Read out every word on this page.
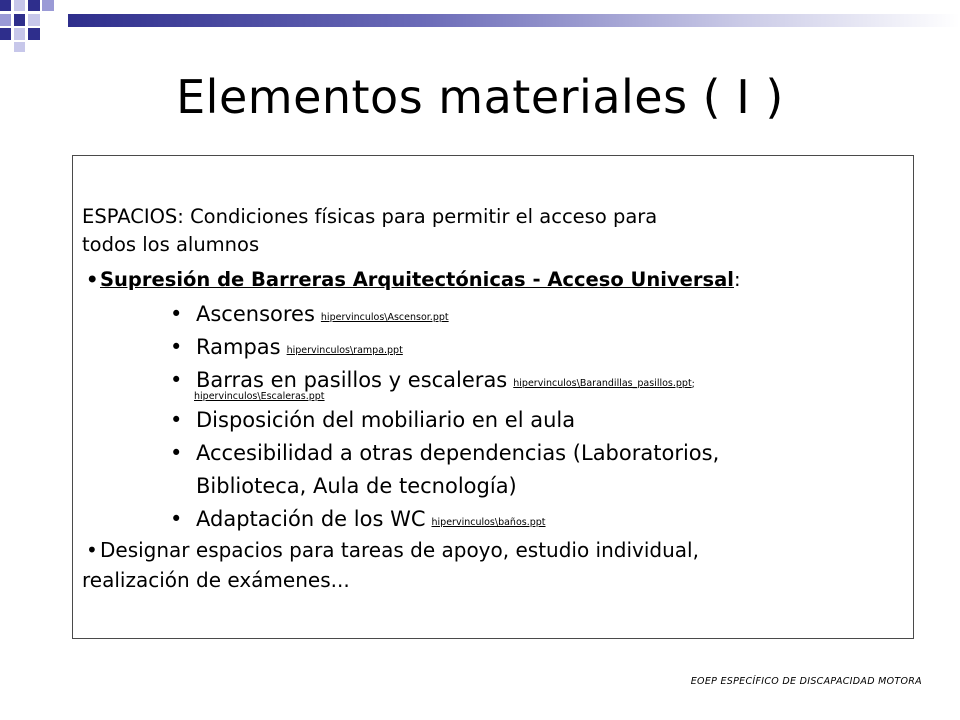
Elementos materiales ( I )
ESPACIOS: Condiciones físicas para permitir el acceso para
todos los alumnos
•Supresión de Barreras Arquitectónicas - Acceso Universal:
• Ascensores hipervinculos\Ascensor.ppt
• Rampas hipervinculos\rampa.ppt
• Barras en pasillos y escaleras hipervinculos\Barandillas_pasillos.ppt;
hipervinculos\Escaleras.ppt
• Disposición del mobiliario en el aula
• Accesibilidad a otras dependencias (Laboratorios,
Biblioteca, Aula de tecnología)
• Adaptación de los WC hipervinculos\baños.ppt
• Designar espacios para tareas de apoyo, estudio individual,
realización de exámenes...
EOEP ESPECÍFICO DE DISCAPACIDAD MOTORA
